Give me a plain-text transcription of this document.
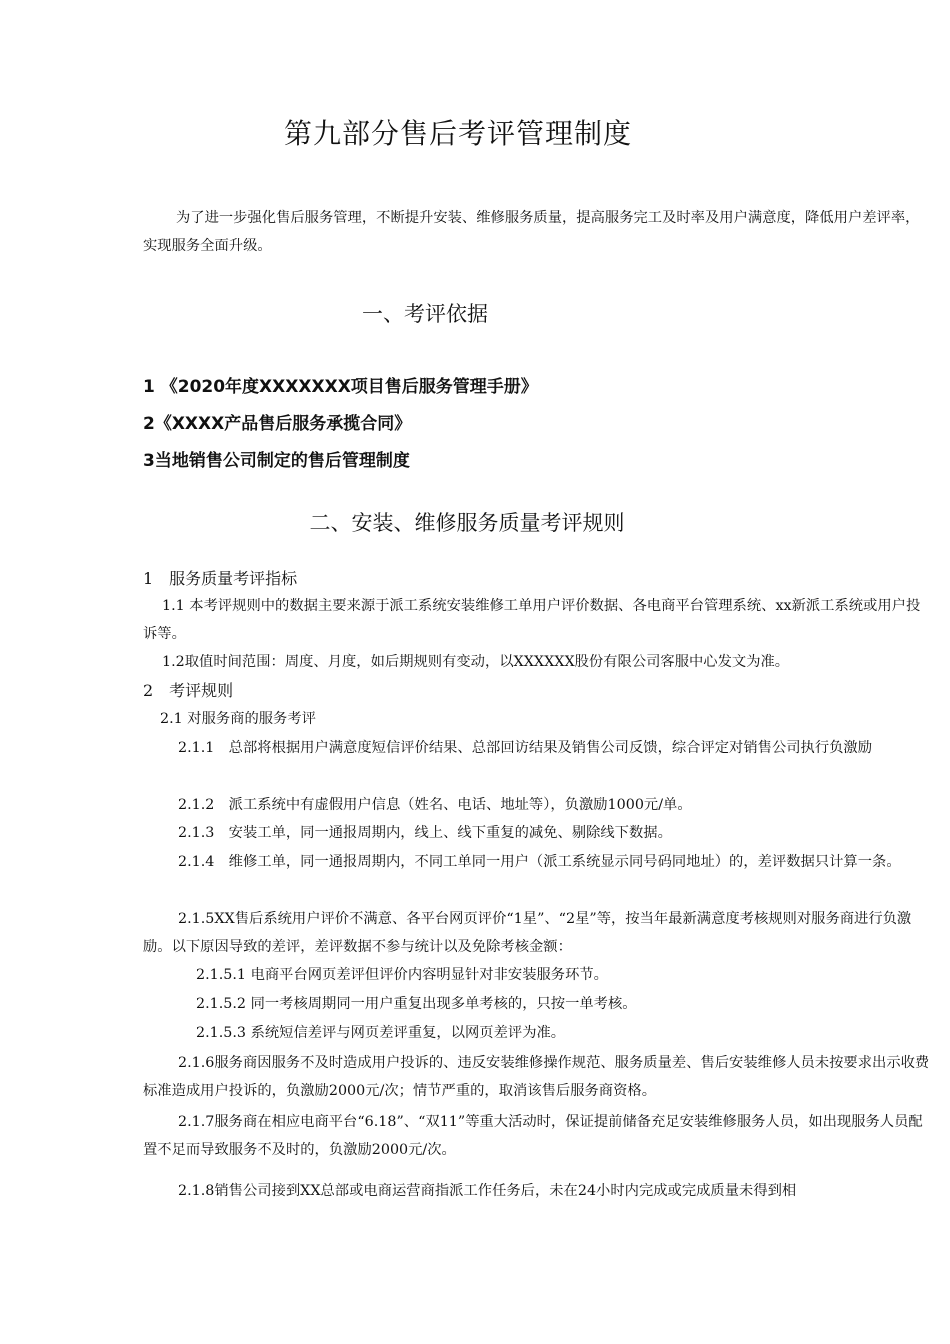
第九部分售后考评管理制度
为了进一步强化售后服务管理，不断提升安装、维修服务质量，提高服务完工及时率及用户满意度，降低用户差评率，实现服务全面升级。
一、考评依据
1 《2020年度XXXXXXX项目售后服务管理手册》
2《XXXX产品售后服务承揽合同》
3当地销售公司制定的售后管理制度
二、安装、维修服务质量考评规则
1　服务质量考评指标
1.1 本考评规则中的数据主要来源于派工系统安装维修工单用户评价数据、各电商平台管理系统、xx新派工系统或用户投诉等。
1.2取值时间范围：周度、月度，如后期规则有变动，以XXXXXX股份有限公司客服中心发文为准。
2　考评规则
2.1 对服务商的服务考评
2.1.1　总部将根据用户满意度短信评价结果、总部回访结果及销售公司反馈，综合评定对销售公司执行负激励
2.1.2　派工系统中有虚假用户信息（姓名、电话、地址等），负激励1000元/单。
2.1.3　安装工单，同一通报周期内，线上、线下重复的减免、剔除线下数据。
2.1.4　维修工单，同一通报周期内，不同工单同一用户（派工系统显示同号码同地址）的，差评数据只计算一条。
2.1.5XX售后系统用户评价不满意、各平台网页评价“1星”、“2星”等，按当年最新满意度考核规则对服务商进行负激励。以下原因导致的差评，差评数据不参与统计以及免除考核金额：
2.1.5.1 电商平台网页差评但评价内容明显针对非安装服务环节。
2.1.5.2 同一考核周期同一用户重复出现多单考核的，只按一单考核。
2.1.5.3 系统短信差评与网页差评重复，以网页差评为准。
2.1.6服务商因服务不及时造成用户投诉的、违反安装维修操作规范、服务质量差、售后安装维修人员未按要求出示收费标准造成用户投诉的，负激励2000元/次；情节严重的，取消该售后服务商资格。
2.1.7服务商在相应电商平台“6.18”、“双11”等重大活动时，保证提前储备充足安装维修服务人员，如出现服务人员配置不足而导致服务不及时的，负激励2000元/次。
2.1.8销售公司接到XX总部或电商运营商指派工作任务后，未在24小时内完成或完成质量未得到相
